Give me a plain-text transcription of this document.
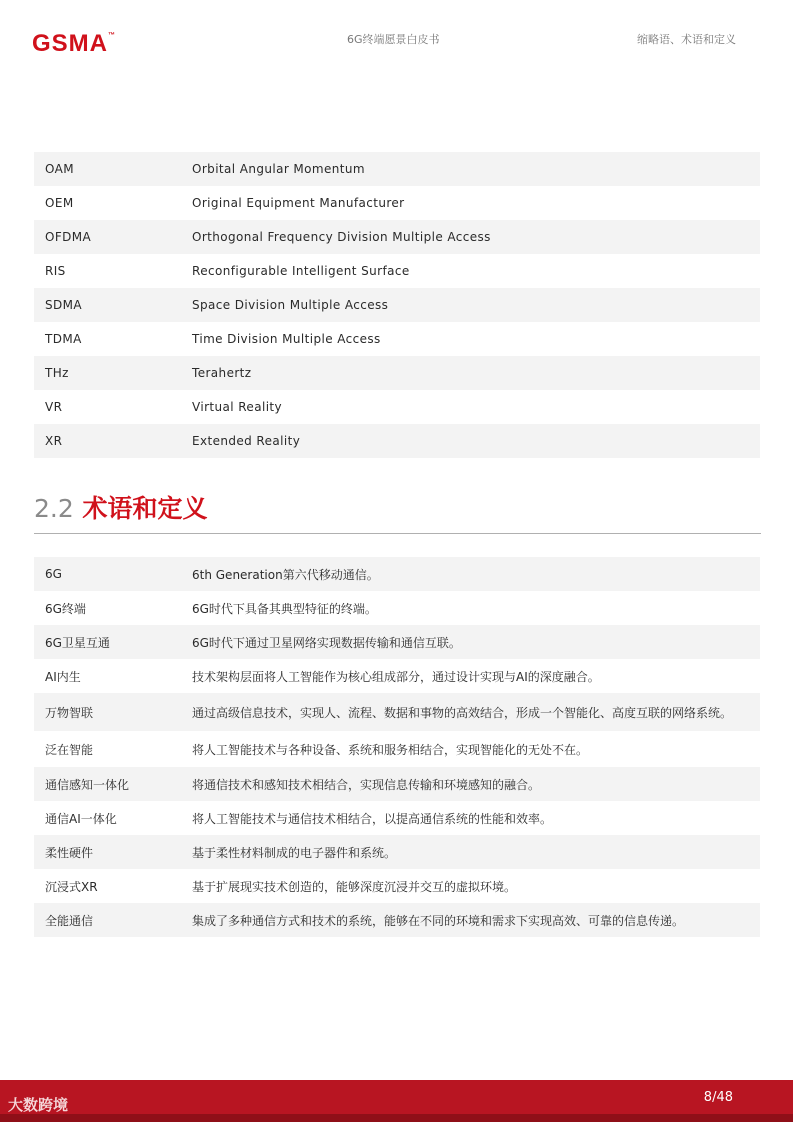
GSMA™	6G终端愿景白皮书	缩略语、术语和定义
OAM	Orbital Angular Momentum
OEM	Original Equipment Manufacturer
OFDMA	Orthogonal Frequency Division Multiple Access
RIS	Reconfigurable Intelligent Surface
SDMA	Space Division Multiple Access
TDMA	Time Division Multiple Access
THz	Terahertz
VR	Virtual Reality
XR	Extended Reality
2.2 术语和定义
6G	6th Generation第六代移动通信。
6G终端	6G时代下具备其典型特征的终端。
6G卫星互通	6G时代下通过卫星网络实现数据传输和通信互联。
AI内生	技术架构层面将人工智能作为核心组成部分，通过设计实现与AI的深度融合。
万物智联	通过高级信息技术，实现人、流程、数据和事物的高效结合，形成一个智能化、高度互联的网络系统。
泛在智能	将人工智能技术与各种设备、系统和服务相结合，实现智能化的无处不在。
通信感知一体化	将通信技术和感知技术相结合，实现信息传输和环境感知的融合。
通信AI一体化	将人工智能技术与通信技术相结合，以提高通信系统的性能和效率。
柔性硬件	基于柔性材料制成的电子器件和系统。
沉浸式XR	基于扩展现实技术创造的，能够深度沉浸并交互的虚拟环境。
全能通信	集成了多种通信方式和技术的系统，能够在不同的环境和需求下实现高效、可靠的信息传递。
大数跨境	8/48
